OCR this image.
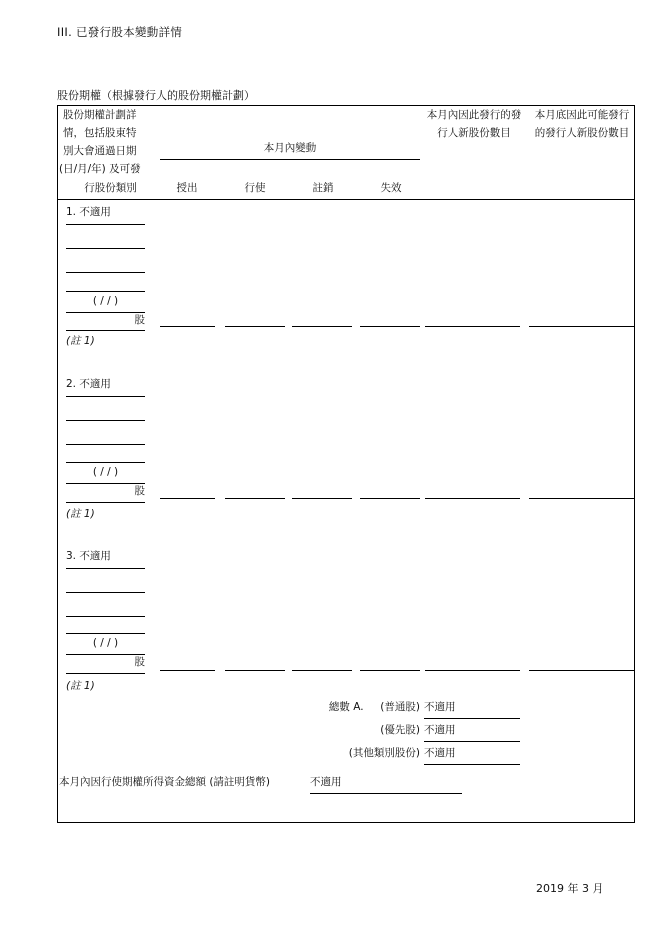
III. 已發行股本變動詳情
股份期權（根據發行人的股份期權計劃）
股份期權計劃詳
情，包括股東特
別大會通過日期
(日/月/年) 及可發
行股份類別
本月內變動
授出	行使	註銷	失效
本月內因此發行的發
行人新股份數目
本月底因此可能發行
的發行人新股份數目
1. 不適用
( / / )
股
(註 1)
2. 不適用
( / / )
股
(註 1)
3. 不適用
( / / )
股
(註 1)
總數 A. (普通股) 不適用
(優先股) 不適用
(其他類別股份) 不適用
本月內因行使期權所得資金總額 (請註明貨幣)	不適用
2019 年 3 月
